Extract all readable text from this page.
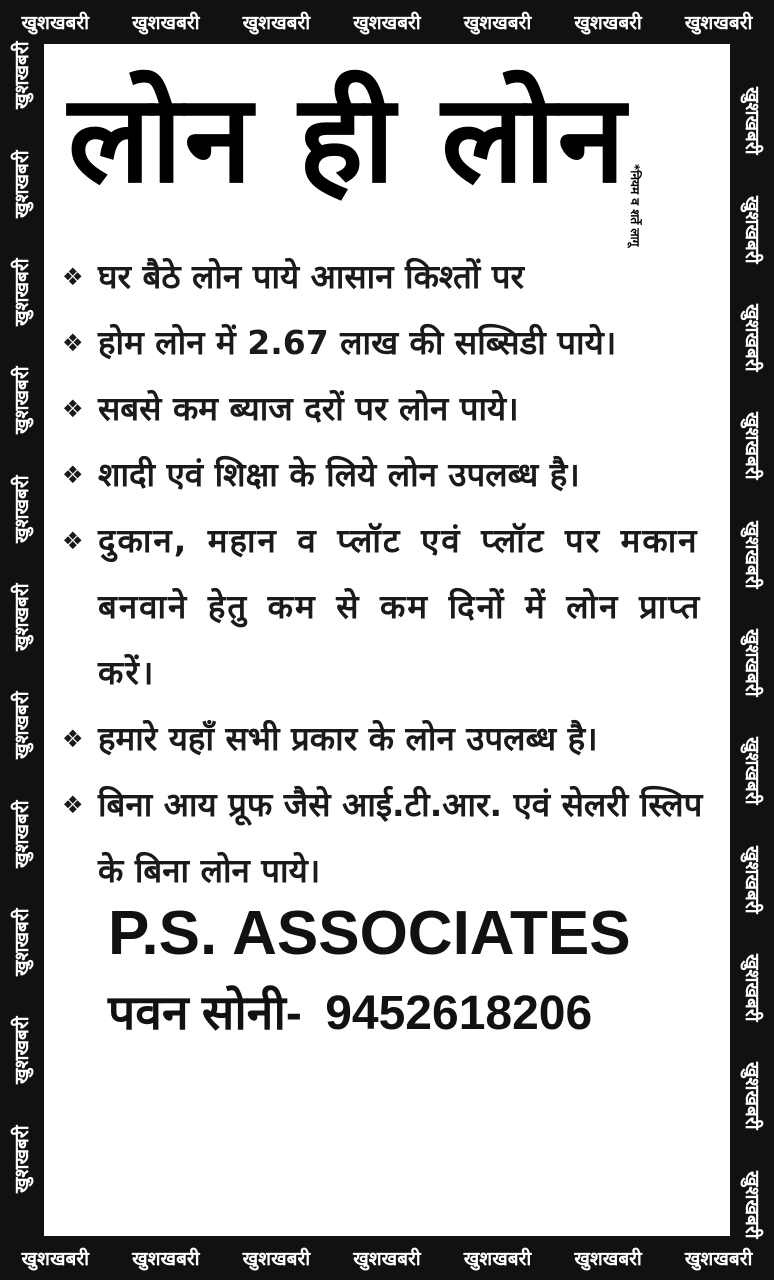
खुशखबरी खुशखबरी खुशखबरी खुशखबरी खुशखबरी खुशखबरी खुशखबरी
खुशखबरी
खुशखबरी
खुशखबरी
खुशखबरी
खुशखबरी
खुशखबरी
खुशखबरी
खुशखबरी
खुशखबरी
खुशखबरी
खुशखबरी
खुशखबरी
खुशखबरी
खुशखबरी
खुशखबरी
खुशखबरी
खुशखबरी
खुशखबरी
खुशखबरी
खुशखबरी
खुशखबरी
खुशखबरी
खुशखबरी खुशखबरी खुशखबरी खुशखबरी खुशखबरी खुशखबरी खुशखबरी
लोन ही लोन *नियम व शर्ते लागू
❖ घर बैठे लोन पाये आसान किश्तों पर
❖ होम लोन में 2.67 लाख की सब्सिडी पाये।
❖ सबसे कम ब्याज दरों पर लोन पाये।
❖ शादी एवं शिक्षा के लिये लोन उपलब्ध है।
❖ दुकान, महान व प्लॉट एवं प्लॉट पर मकान बनवाने हेतु कम से कम दिनों में लोन प्राप्त करें।
❖ हमारे यहाँ सभी प्रकार के लोन उपलब्ध है।
❖ बिना आय प्रूफ जैसे आई.टी.आर. एवं सेलरी स्लिप के बिना लोन पाये।
P.S. ASSOCIATES
पवन सोनी- 9452618206
